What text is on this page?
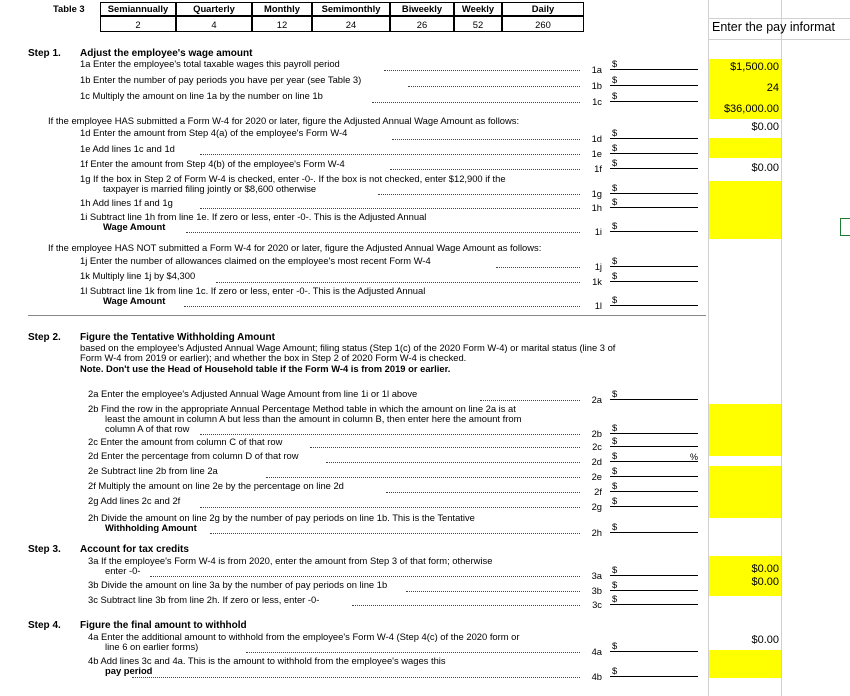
Enter the pay informat
$1,500.00
24
$36,000.00
$0.00
$0.00
%
$0.00
$0.00
$0.00
Table 3	Semiannually
2
Quarterly
4
Monthly
12
Semimonthly
24
Biweekly
26
Weekly
52
Daily
260
Step 1. Adjust the employee's wage amount
1a Enter the employee's total taxable wages this payroll period
1b Enter the number of pay periods you have per year (see Table 3)
1c Multiply the amount on line 1a by the number on line 1b
If the employee HAS submitted a Form W-4 for 2020 or later, figure the Adjusted Annual Wage Amount as follows:
1d Enter the amount from Step 4(a) of the employee's Form W-4
1e Add lines 1c and 1d
1f Enter the amount from Step 4(b) of the employee's Form W-4
1g If the box in Step 2 of Form W-4 is checked, enter -0-. If the box is not checked, enter $12,900 if the
taxpayer is married filing jointly or $8,600 otherwise
1h Add lines 1f and 1g
1i Subtract line 1h from line 1e. If zero or less, enter -0-. This is the Adjusted Annual
Wage Amount
If the employee HAS NOT submitted a Form W-4 for 2020 or later, figure the Adjusted Annual Wage Amount as follows:
1j Enter the number of allowances claimed on the employee's most recent Form W-4
1k Multiply line 1j by $4,300
1l Subtract line 1k from line 1c. If zero or less, enter -0-. This is the Adjusted Annual
Wage Amount
Step 2. Figure the Tentative Withholding Amount
based on the employee's Adjusted Annual Wage Amount; filing status (Step 1(c) of the 2020 Form W-4) or marital status (line 3 of
Form W-4 from 2019 or earlier); and whether the box in Step 2 of 2020 Form W-4 is checked.
Note. Don't use the Head of Household table if the Form W-4 is from 2019 or earlier.
2a Enter the employee's Adjusted Annual Wage Amount from line 1i or 1l above
2b Find the row in the appropriate Annual Percentage Method table in which the amount on line 2a is at
least the amount in column A but less than the amount in column B, then enter here the amount from
column A of that row
2c Enter the amount from column C of that row
2d Enter the percentage from column D of that row
2e Subtract line 2b from line 2a
2f Multiply the amount on line 2e by the percentage on line 2d
2g Add lines 2c and 2f
2h Divide the amount on line 2g by the number of pay periods on line 1b. This is the Tentative
Withholding Amount
Step 3. Account for tax credits
3a If the employee's Form W-4 is from 2020, enter the amount from Step 3 of that form; otherwise
enter -0-
3b Divide the amount on line 3a by the number of pay periods on line 1b
3c Subtract line 3b from line 2h. If zero or less, enter -0-
Step 4. Figure the final amount to withhold
4a Enter the additional amount to withhold from the employee's Form W-4 (Step 4(c) of the 2020 form or
line 6 on earlier forms)
4b Add lines 3c and 4a. This is the amount to withhold from the employee's wages this
pay period
1a
$
1b
$
1c
$
1d
$
1e
$
1f
$
1g
$
1h
$
1i
$
1j
$
1k
$
1l
$
2a
$
2b
$
2c
$
2d
$
2e
$
2f
$
2g
$
2h
$
3a
$
3b
$
3c
$
4a
$
4b
$
